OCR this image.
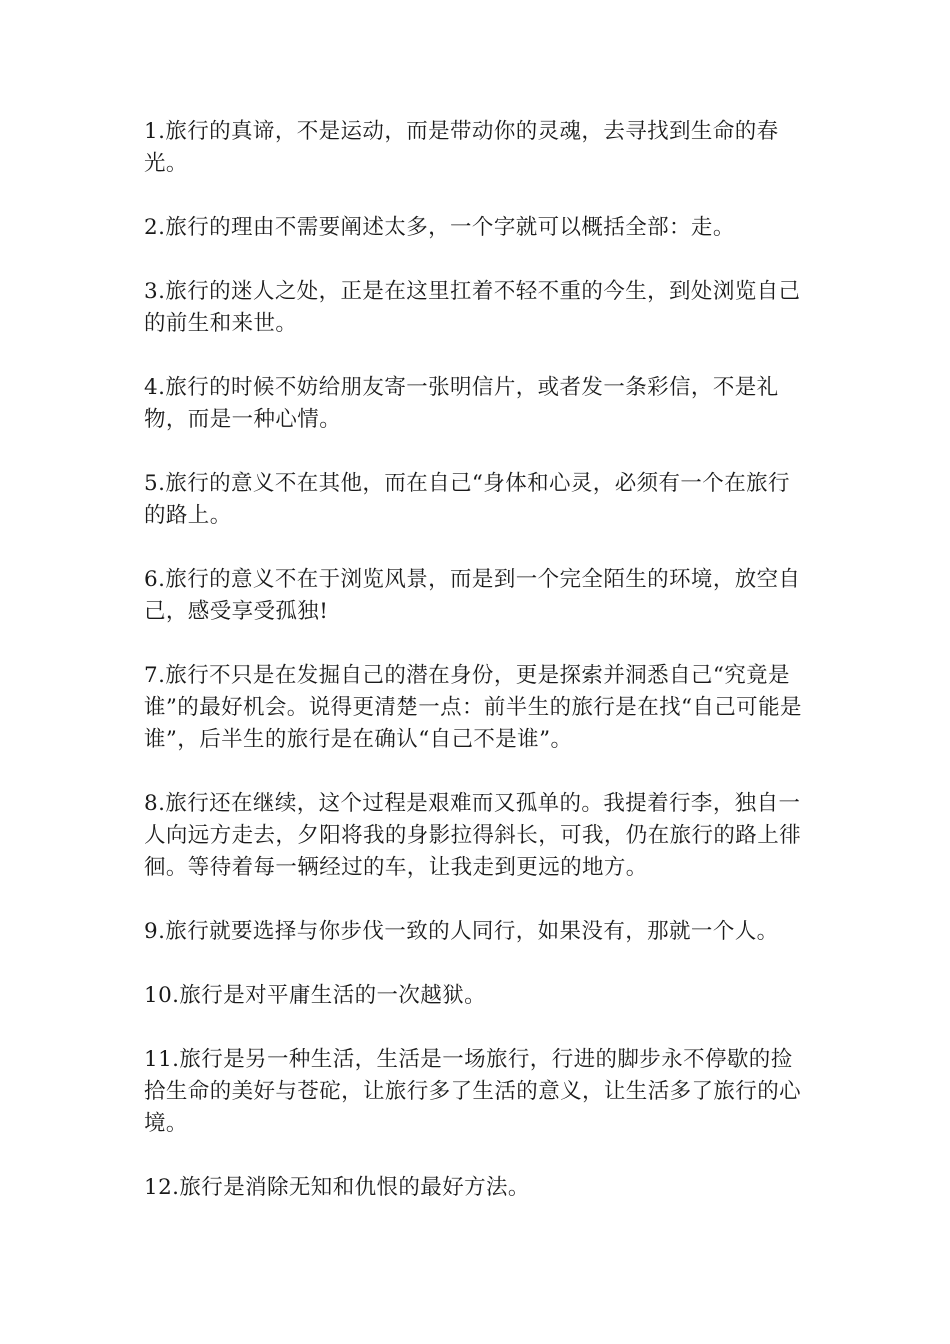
1.旅行的真谛，不是运动，而是带动你的灵魂，去寻找到生命的春光。

2.旅行的理由不需要阐述太多，一个字就可以概括全部：走。

3.旅行的迷人之处，正是在这里扛着不轻不重的今生，到处浏览自己的前生和来世。

4.旅行的时候不妨给朋友寄一张明信片，或者发一条彩信，不是礼物，而是一种心情。

5.旅行的意义不在其他，而在自己“身体和心灵，必须有一个在旅行的路上。

6.旅行的意义不在于浏览风景，而是到一个完全陌生的环境，放空自己，感受享受孤独!

7.旅行不只是在发掘自己的潜在身份，更是探索并洞悉自己“究竟是谁”的最好机会。说得更清楚一点：前半生的旅行是在找“自己可能是谁”，后半生的旅行是在确认“自己不是谁”。

8.旅行还在继续，这个过程是艰难而又孤单的。我提着行李，独自一人向远方走去，夕阳将我的身影拉得斜长，可我，仍在旅行的路上徘徊。等待着每一辆经过的车，让我走到更远的地方。

9.旅行就要选择与你步伐一致的人同行，如果没有，那就一个人。

10.旅行是对平庸生活的一次越狱。

11.旅行是另一种生活，生活是一场旅行，行进的脚步永不停歇的捡拾生命的美好与苍砣，让旅行多了生活的意义，让生活多了旅行的心境。

12.旅行是消除无知和仇恨的最好方法。
